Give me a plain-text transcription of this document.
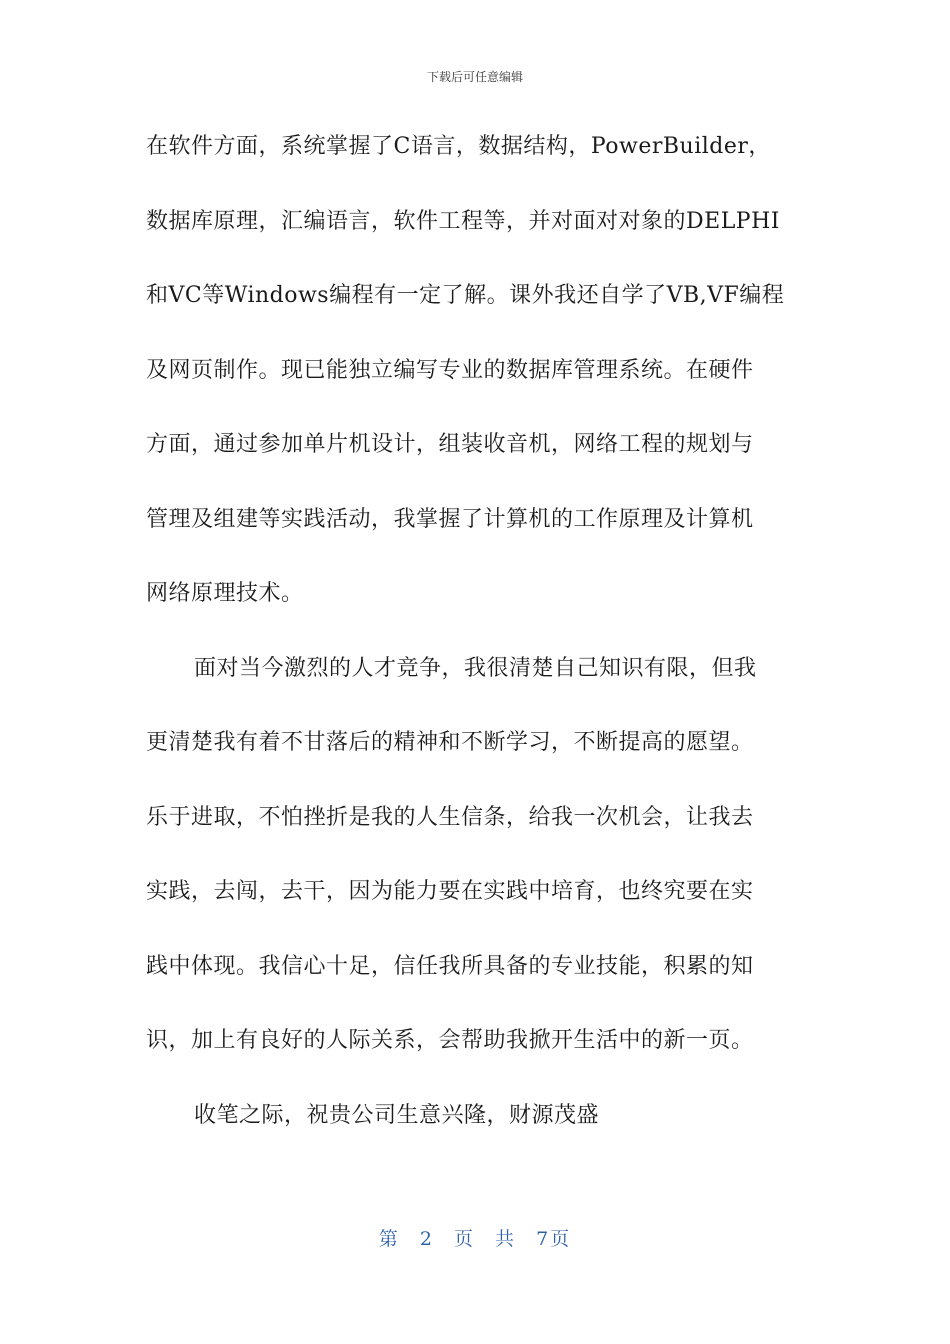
下载后可任意编辑
在软件方面，系统掌握了C语言，数据结构，PowerBuilder，
数据库原理，汇编语言，软件工程等，并对面对对象的DELPHI
和VC等Windows编程有一定了解。课外我还自学了VB,VF编程
及网页制作。现已能独立编写专业的数据库管理系统。在硬件
方面，通过参加单片机设计，组装收音机，网络工程的规划与
管理及组建等实践活动，我掌握了计算机的工作原理及计算机
网络原理技术。
面对当今激烈的人才竞争，我很清楚自己知识有限，但我
更清楚我有着不甘落后的精神和不断学习，不断提高的愿望。
乐于进取，不怕挫折是我的人生信条，给我一次机会，让我去
实践，去闯，去干，因为能力要在实践中培育，也终究要在实
践中体现。我信心十足，信任我所具备的专业技能，积累的知
识，加上有良好的人际关系，会帮助我掀开生活中的新一页。
收笔之际，祝贵公司生意兴隆，财源茂盛
第 2 页 共 7页
